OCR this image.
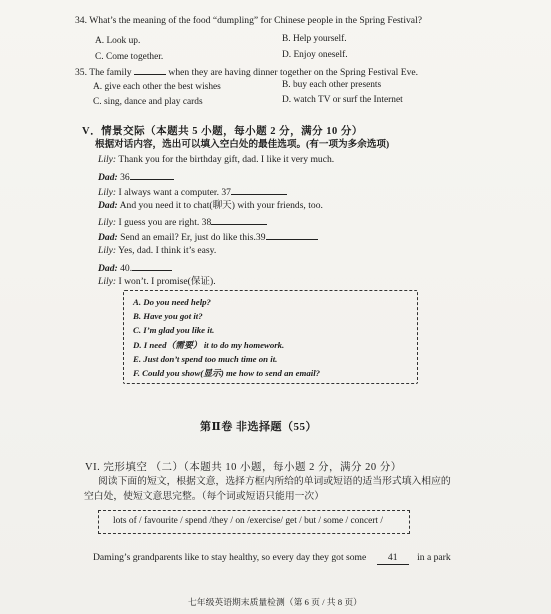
34. What’s the meaning of the food “dumpling” for Chinese people in the Spring Festival?
A. Look up.	B. Help yourself.
C. Come together.	D. Enjoy oneself.
35. The family	when they are having dinner together on the Spring Festival Eve.
A. give each other the best wishes	B. buy each other presents
C. sing, dance and play cards	D. watch TV or surf the Internet
V．情景交际（本题共 5 小题，每小题 2 分，满分 10 分）
根据对话内容，选出可以填入空白处的最佳选项。(有一项为多余选项)
Lily: Thank you for the birthday gift, dad. I like it very much.
Dad: 36
Lily: I always want a computer. 37
Dad: And you need it to chat(聊天) with your friends, too.
Lily: I guess you are right. 38
Dad: Send an email? Er, just do like this.39
Lily: Yes, dad. I think it’s easy.
Dad: 40.
Lily: I won’t. I promise(保证).
A. Do you need help?
B. Have you got it?
C. I’m glad you like it.
D. I need（需要） it to do my homework.
E. Just don’t spend too much time on it.
F. Could you show(显示) me how to send an email?
第Ⅱ卷 非选择题（55）
VI. 完形填空 （二）（本题共 10 小题，每小题 2 分，满分 20 分）
阅读下面的短文，根据文意，选择方框内所给的单词或短语的适当形式填入相应的
空白处，使短文意思完整。（每个词或短语只能用一次）
lots of / favourite / spend /they / on /exercise/ get / but / some / concert /
Daming’s grandparents like to stay healthy, so every day they got some 41 in a park
七年级英语期末质量检测（第 6 页 / 共 8 页）
